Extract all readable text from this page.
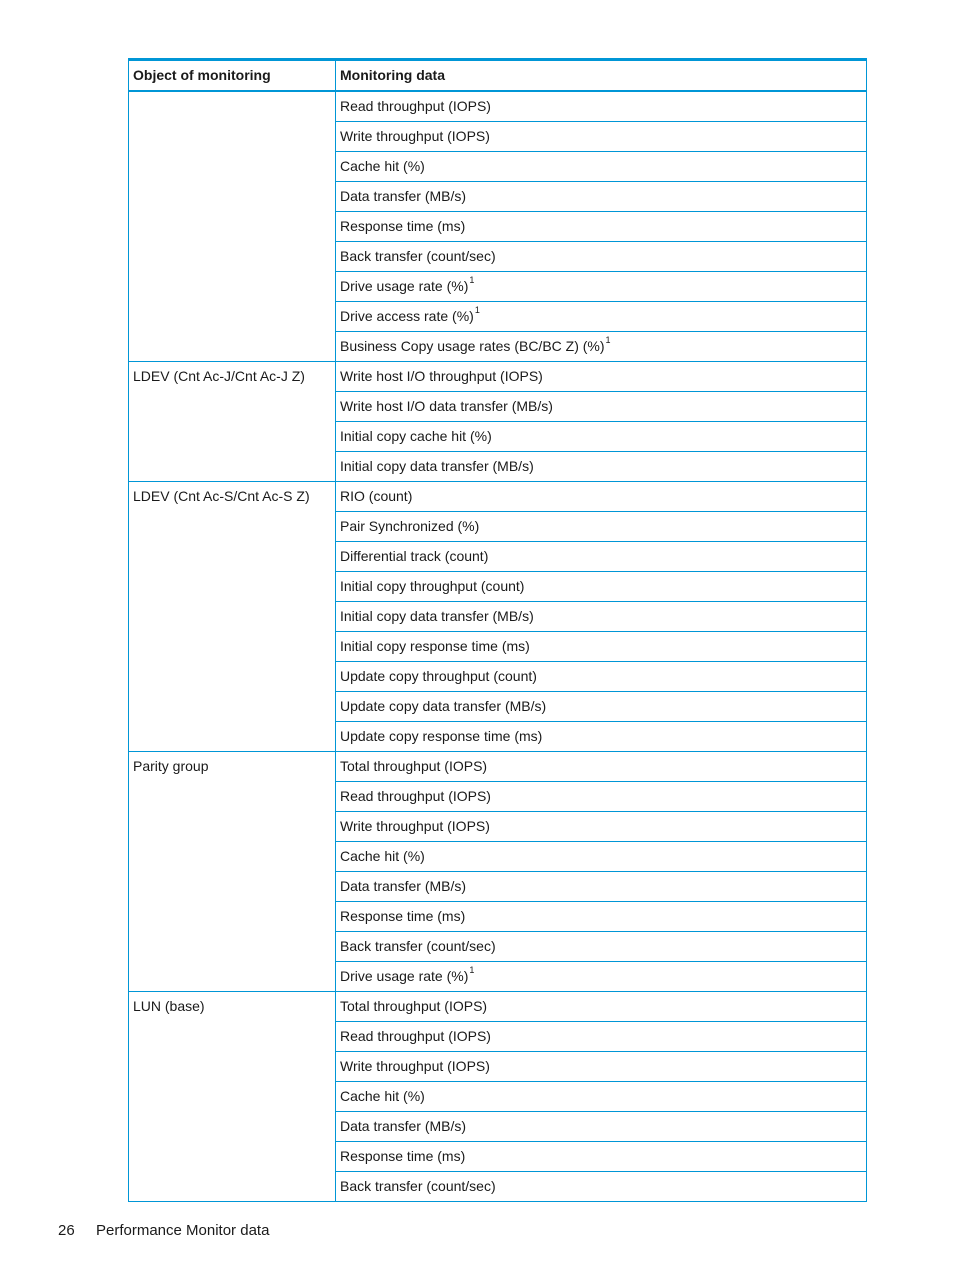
Object of monitoring	Monitoring data
	Read throughput (IOPS)
	Write throughput (IOPS)
	Cache hit (%)
	Data transfer (MB/s)
	Response time (ms)
	Back transfer (count/sec)
	Drive usage rate (%)$^1$
	Drive access rate (%)$^1$
	Business Copy usage rates (BC/BC Z) (%)$^1$
LDEV (Cnt Ac-J/Cnt Ac-J Z)	Write host I/O throughput (IOPS)
	Write host I/O data transfer (MB/s)
	Initial copy cache hit (%)
	Initial copy data transfer (MB/s)
LDEV (Cnt Ac-S/Cnt Ac-S Z)	RIO (count)
	Pair Synchronized (%)
	Differential track (count)
	Initial copy throughput (count)
	Initial copy data transfer (MB/s)
	Initial copy response time (ms)
	Update copy throughput (count)
	Update copy data transfer (MB/s)
	Update copy response time (ms)
Parity group	Total throughput (IOPS)
	Read throughput (IOPS)
	Write throughput (IOPS)
	Cache hit (%)
	Data transfer (MB/s)
	Response time (ms)
	Back transfer (count/sec)
	Drive usage rate (%)$^1$
LUN (base)	Total throughput (IOPS)
	Read throughput (IOPS)
	Write throughput (IOPS)
	Cache hit (%)
	Data transfer (MB/s)
	Response time (ms)
	Back transfer (count/sec)
26 Performance Monitor data
